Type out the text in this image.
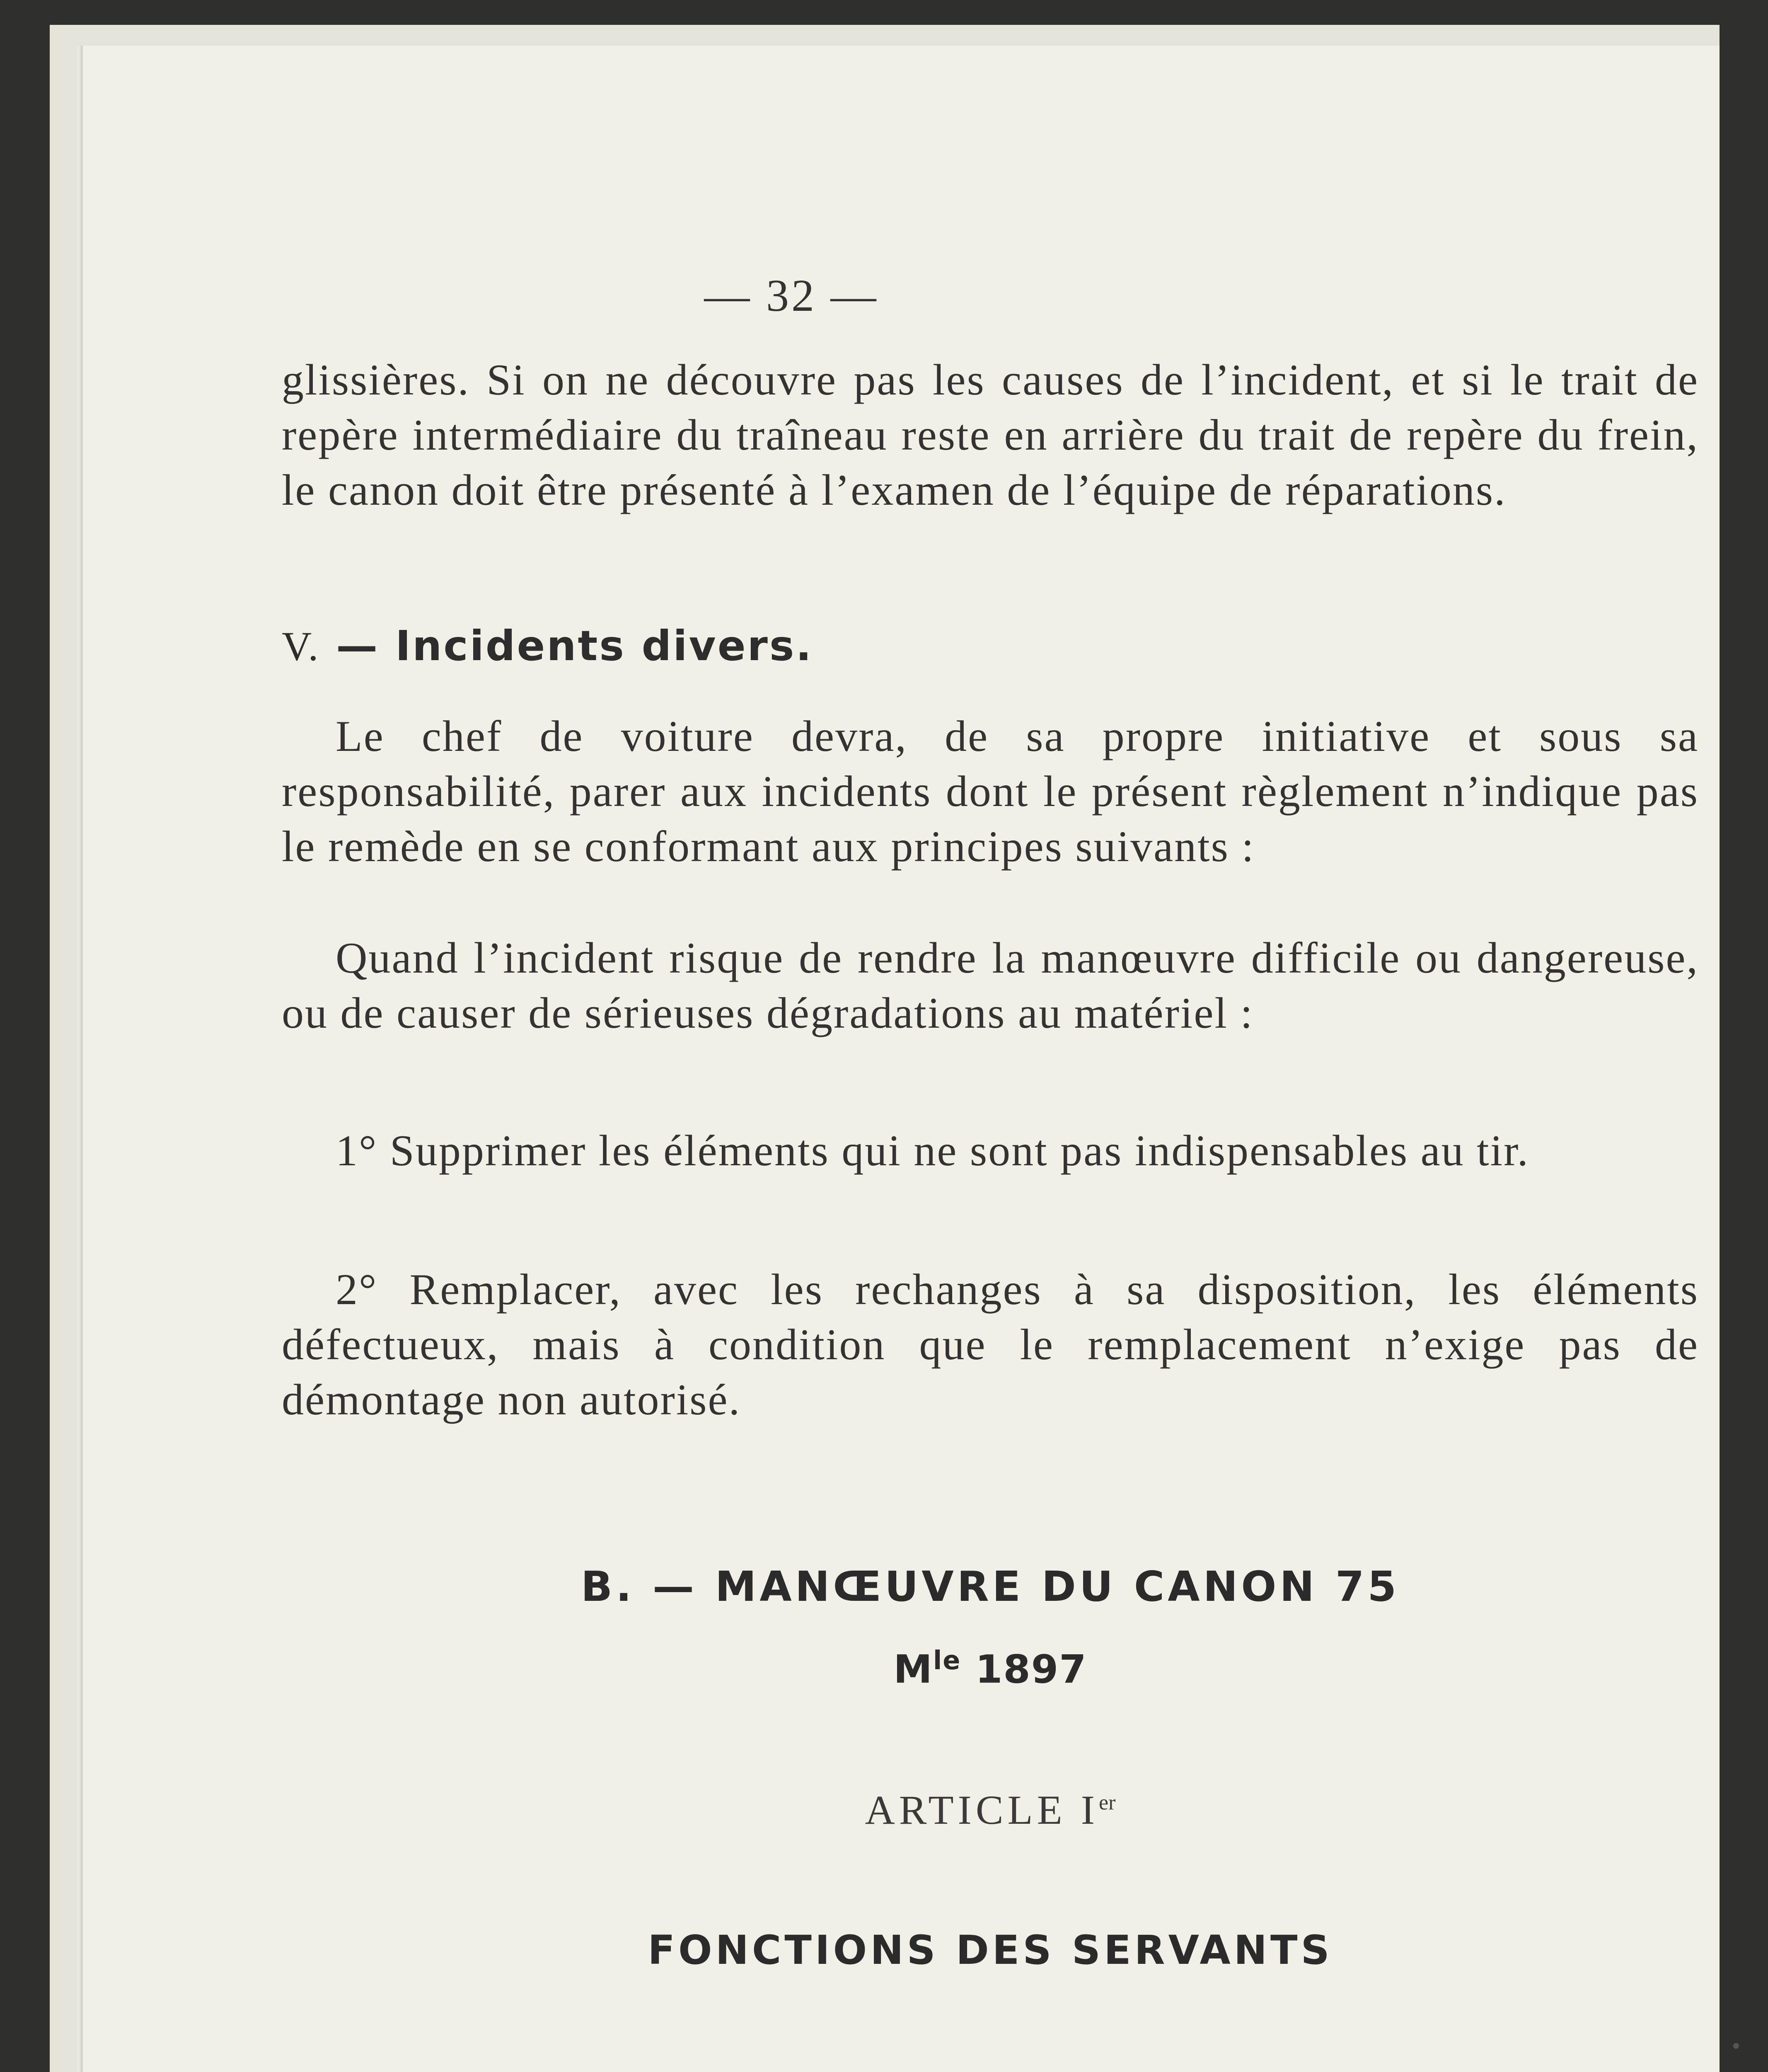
— 32 —

glissières. Si on ne découvre pas les causes de l’incident, et si le trait de repère intermédiaire du traîneau reste en arrière du trait de repère du frein, le canon doit être présenté à l’examen de l’équipe de réparations.

V. — Incidents divers.

Le chef de voiture devra, de sa propre initiative et sous sa responsabilité, parer aux incidents dont le présent règlement n’indique pas le remède en se conformant aux principes suivants :

Quand l’incident risque de rendre la manœuvre difficile ou dangereuse, ou de causer de sérieuses dégradations au matériel :

1° Supprimer les éléments qui ne sont pas indispensables au tir.

2° Remplacer, avec les rechanges à sa disposition, les éléments défectueux, mais à condition que le remplacement n’exige pas de démontage non autorisé.

B. — MANŒUVRE DU CANON 75
$M^{le}$ 1897
ARTICLE Ier
FONCTIONS DES SERVANTS
